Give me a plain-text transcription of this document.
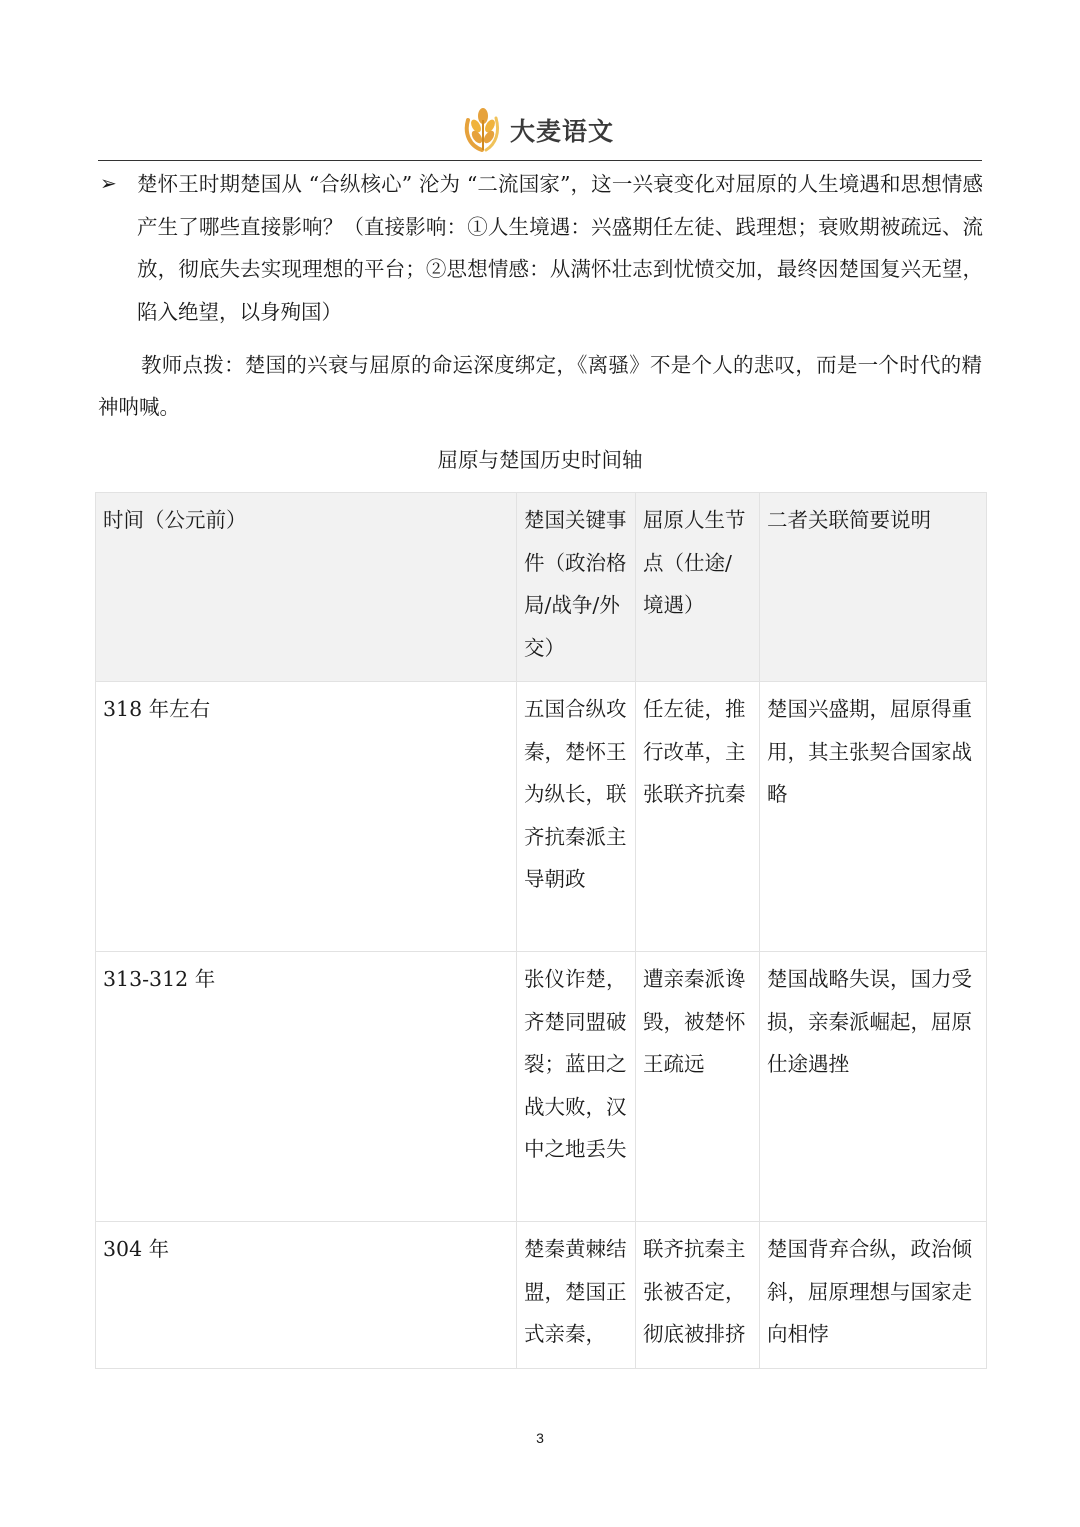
大麦语文
➢ 楚怀王时期楚国从 “合纵核心” 沦为 “二流国家”，这一兴衰变化对屈原的人生境遇和思想情感产生了哪些直接影响？（直接影响：①人生境遇：兴盛期任左徒、践理想；衰败期被疏远、流放，彻底失去实现理想的平台；②思想情感：从满怀壮志到忧愤交加，最终因楚国复兴无望，陷入绝望，以身殉国）
教师点拨：楚国的兴衰与屈原的命运深度绑定，《离骚》不是个人的悲叹，而是一个时代的精神呐喊。
屈原与楚国历史时间轴
时间（公元前）	楚国关键事件（政治格局/战争/外交）	屈原人生节点（仕途/境遇）	二者关联简要说明
318 年左右	五国合纵攻秦，楚怀王为纵长，联齐抗秦派主导朝政	任左徒，推行改革，主张联齐抗秦	楚国兴盛期，屈原得重用，其主张契合国家战略
313-312 年	张仪诈楚，齐楚同盟破裂；蓝田之战大败，汉中之地丢失	遭亲秦派谗毁，被楚怀王疏远	楚国战略失误，国力受损，亲秦派崛起，屈原仕途遇挫
304 年	楚秦黄棘结盟，楚国正式亲秦，	联齐抗秦主张被否定，彻底被排挤	楚国背弃合纵，政治倾斜，屈原理想与国家走向相悖
3
